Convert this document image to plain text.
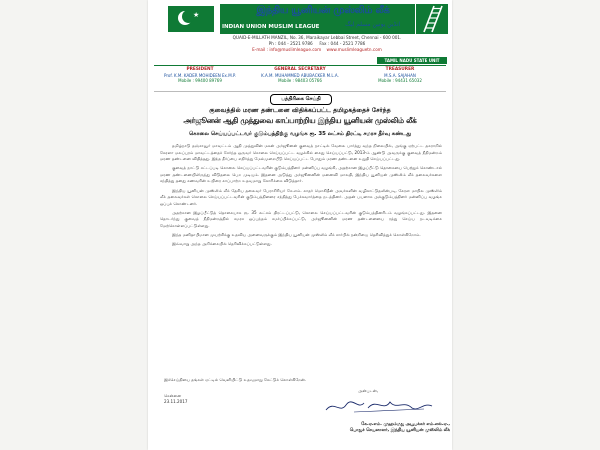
★	இந்திய யூனியன் முஸ்லிம் லீக்
انڈین یونین مسلم لیگ
INDIAN UNION MUSLIM LEAGUE
QUAID-E-MILLATH MANZIL, No. 36, Maraikayar Lebbai Street, Chennai - 600 001.
Ph : 044 - 2521 9786 Fax : 044 - 2521 7786
E-mail : info@muslimleague.com www.muslimleaguetn.com
TAMIL NADU STATE UNIT
PRESIDENT
Prof. K.M. KADER MOHIDEEN Ex.M.P.
Mobile : 99400 89769
GENERAL SECRETARY
K.A.M. MUHAMMED ABUBACKER M.L.A.
Mobile : 98403 05766
TREASURER
M.S.A. SAJAHAN
Mobile : 94431 65032
பத்திரிகை செய்தி
குவைத்தில் மரண தண்டனை விதிக்கப்பட்ட தமிழகத்தைச் சேர்ந்த
அர்ஜூனன் ஆதி முத்துவை காப்பாற்றிய இந்திய யூனியன் முஸ்லிம் லீக்
கொலை செய்யப்பட்டவர் குடும்பத்திற்கு வழங்க ரூ. 35 லட்சம் திரட்டி சமரச தீர்வு கண்டது

தமிழ்நாடு தஞ்சாவூர் மாவட்டம் ஆதி முத்துவின் மகன் அர்ஜூனன் குவைத் நாட்டில் வேலை பார்த்து வந்த நிலையில், அங்கு ஏற்பட்ட தகராறில் கேரளா மலப்புரம் மாவட்டத்தைச் சேர்ந்த ஒருவர் கொலை செய்யப்பட்ட வழக்கில் கைது செய்யப்பட்டு, 2013-ம் ஆண்டு அவருக்கு குவைத் நீதிமன்றம் மரண தண்டனை விதித்தது. இந்த தீர்ப்பை எதிர்த்து மேல்முறையீடு செய்யப்பட்ட போதும் மரண தண்டனை உறுதி செய்யப்பட்டது.

குவைத் நாட்டு சட்டப்படி கொலை செய்யப்பட்டவரின் குடும்பத்தினர் மன்னிப்பு வழங்கி, அதற்கான இழப்பீட்டு தொகையை பெற்றுக் கொண்டால் மரண தண்டனையிலிருந்து விடுதலை பெற முடியும். இதனை அடுத்து அர்ஜூனனின் மனைவி மாலதி, இந்திய யூனியன் முஸ்லிம் லீக் தலைவர்களை சந்தித்து தனது கணவரின் உயிரை காப்பாற்ற உதவுமாறு கோரிக்கை விடுத்தார்.

இந்திய யூனியன் முஸ்லிம் லீக் தேசிய தலைவர் பேராசிரியர் கே.எம். காதர் மொகிதீன் அவர்களின் வழிகாட்டுதலின்படி, கேரள மாநில முஸ்லிம் லீக் தலைவர்கள் கொலை செய்யப்பட்டவரின் குடும்பத்தினரை சந்தித்து பேச்சுவார்த்தை நடத்தினர். அதன் பயனாக அக்குடும்பத்தினர் மன்னிப்பு வழங்க ஒப்புக் கொண்டனர்.

அதற்கான இழப்பீட்டுத் தொகையாக ரூ. 35 லட்சம் திரட்டப்பட்டு, கொலை செய்யப்பட்டவரின் குடும்பத்தினரிடம் வழங்கப்பட்டது. இதனை தொடர்ந்து குவைத் நீதிமன்றத்தில் சமரச ஒப்பந்தம் சமர்ப்பிக்கப்பட்டு, அர்ஜூனனின் மரண தண்டனையை ரத்து செய்ய நடவடிக்கை மேற்கொள்ளப்பட்டுள்ளது.

இந்த மனிதாபிமான முயற்சிக்கு உதவிய அனைவருக்கும் இந்திய யூனியன் முஸ்லிம் லீக் சார்பில் நன்றியை தெரிவித்துக் கொள்கிறோம்.

இவ்வாறு அந்த அறிக்கையில் தெரிவிக்கப்பட்டுள்ளது.

இச்செய்தியை தங்கள் ஏட்டில் வெளியிட்டு உதவுமாறு கேட்டுக் கொள்கிறேன்.
சென்னை
23.11.2017
அன்புடன்,
கே.ஏ.எம். முஹம்மது அபூபக்கர் எம்.எல்.ஏ.,
பொதுச் செயலாளர், இந்திய யூனியன் முஸ்லிம் லீக்
